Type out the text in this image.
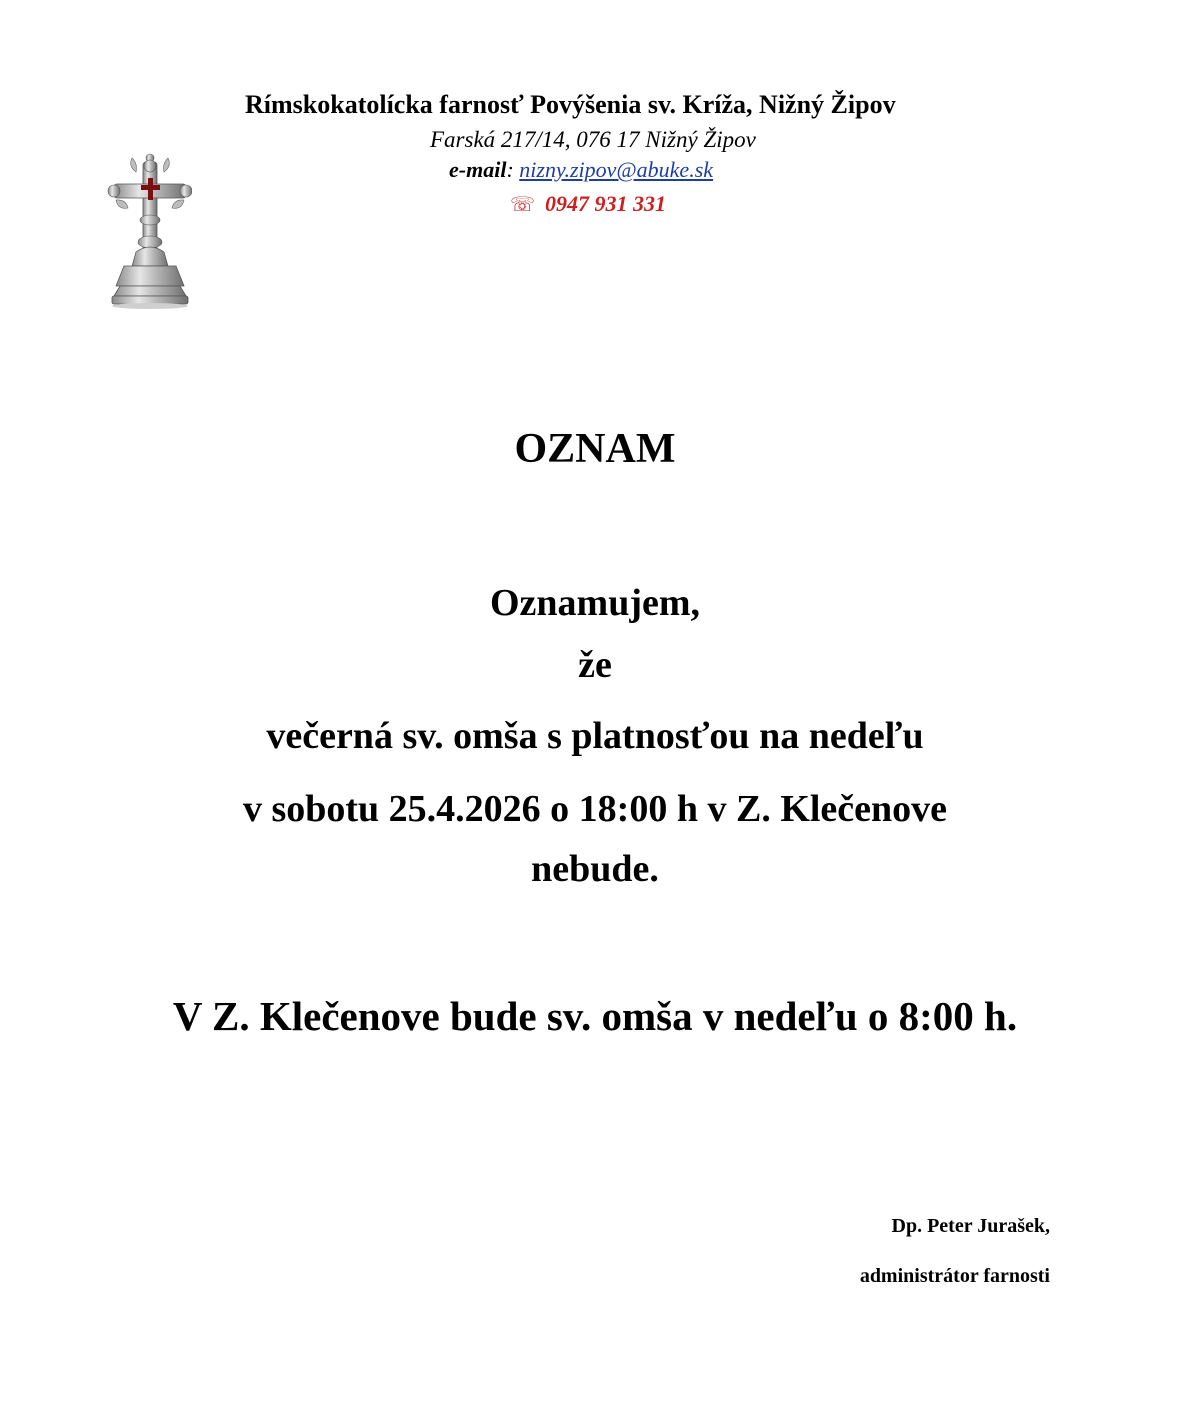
Rímskokatolícka farnosť Povýšenia sv. Kríža, Nižný Žipov
Farská 217/14, 076 17 Nižný Žipov
e-mail: nizny.zipov@abuke.sk
☏ 0947 931 331
OZNAM
Oznamujem,
že
večerná sv. omša s platnosťou na nedeľu
v sobotu 25.4.2026 o 18:00 h v Z. Klečenove
nebude.
V Z. Klečenove bude sv. omša v nedeľu o 8:00 h.
Dp. Peter Jurašek,
administrátor farnosti
